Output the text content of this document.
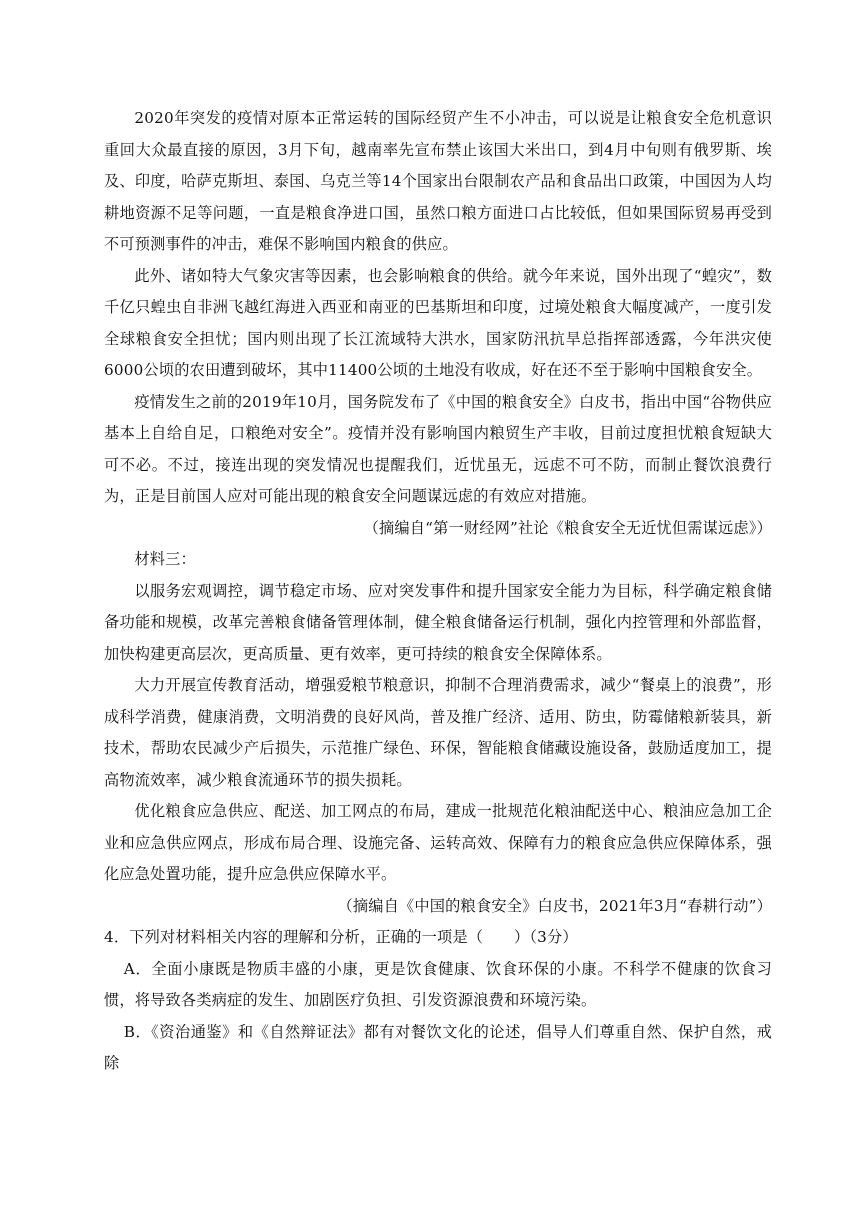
2020年突发的疫情对原本正常运转的国际经贸产生不小冲击，可以说是让粮食安全危机意识重回大众最直接的原因，3月下旬，越南率先宣布禁止该国大米出口，到4月中旬则有俄罗斯、埃及、印度，哈萨克斯坦、泰国、乌克兰等14个国家出台限制农产品和食品出口政策，中国因为人均耕地资源不足等问题，一直是粮食净进口国，虽然口粮方面进口占比较低，但如果国际贸易再受到不可预测事件的冲击，难保不影响国内粮食的供应。

此外、诸如特大气象灾害等因素，也会影响粮食的供给。就今年来说，国外出现了“蝗灾”，数千亿只蝗虫自非洲飞越红海进入西亚和南亚的巴基斯坦和印度，过境处粮食大幅度减产，一度引发全球粮食安全担忧；国内则出现了长江流域特大洪水，国家防汛抗旱总指挥部透露，今年洪灾使6000公顷的农田遭到破坏，其中11400公顷的土地没有收成，好在还不至于影响中国粮食安全。

疫情发生之前的2019年10月，国务院发布了《中国的粮食安全》白皮书，指出中国“谷物供应基本上自给自足，口粮绝对安全”。疫情并没有影响国内粮贸生产丰收，目前过度担忧粮食短缺大可不必。不过，接连出现的突发情况也提醒我们，近忧虽无，远虑不可不防，而制止餐饮浪费行为，正是目前国人应对可能出现的粮食安全问题谋远虑的有效应对措施。

（摘编自“第一财经网”社论《粮食安全无近忧但需谋远虑》）

材料三：

以服务宏观调控，调节稳定市场、应对突发事件和提升国家安全能力为目标，科学确定粮食储备功能和规模，改革完善粮食储备管理体制，健全粮食储备运行机制，强化内控管理和外部监督，加快构建更高层次，更高质量、更有效率，更可持续的粮食安全保障体系。

大力开展宣传教育活动，增强爱粮节粮意识，抑制不合理消费需求，减少“餐桌上的浪费”，形成科学消费，健康消费，文明消费的良好风尚，普及推广经济、适用、防虫，防霉储粮新装具，新技术，帮助农民减少产后损失，示范推广绿色、环保，智能粮食储藏设施设备，鼓励适度加工，提高物流效率，减少粮食流通环节的损失损耗。

优化粮食应急供应、配送、加工网点的布局，建成一批规范化粮油配送中心、粮油应急加工企业和应急供应网点，形成布局合理、设施完备、运转高效、保障有力的粮食应急供应保障体系，强化应急处置功能，提升应急供应保障水平。

（摘编自《中国的粮食安全》白皮书，2021年3月“春耕行动”）

4．下列对材料相关内容的理解和分析，正确的一项是（　　）（3分）

A．全面小康既是物质丰盛的小康，更是饮食健康、饮食环保的小康。不科学不健康的饮食习惯，将导致各类病症的发生、加剧医疗负担、引发资源浪费和环境污染。

B．《资治通鉴》和《自然辩证法》都有对餐饮文化的论述，倡导人们尊重自然、保护自然，戒除
